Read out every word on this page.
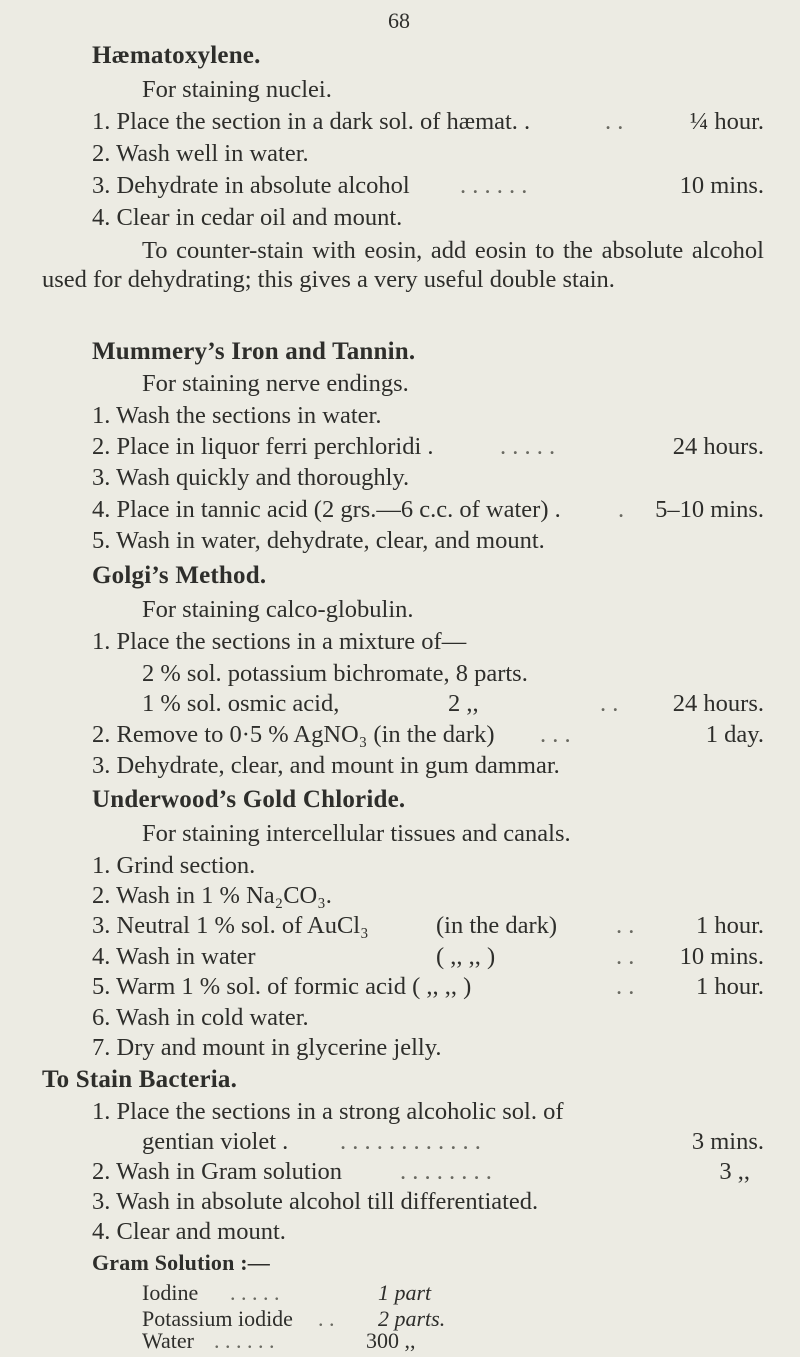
68
Hæmatoxylene.
For staining nuclei.
1. Place the section in a dark sol. of hæmat. .	. .	¼ hour.
2. Wash well in water.
3. Dehydrate in absolute alcohol . . . . . .	10 mins.
4. Clear in cedar oil and mount.
To counter-stain with eosin, add eosin to the absolute alcohol used for dehydrating; this gives a very useful double stain.
Mummery’s Iron and Tannin.
For staining nerve endings.
1. Wash the sections in water.
2. Place in liquor ferri perchloridi .	. . . . .	24 hours.
3. Wash quickly and thoroughly.
4. Place in tannic acid (2 grs.—6 c.c. of water) . . 5–10 mins.
5. Wash in water, dehydrate, clear, and mount.
Golgi’s Method.
For staining calco-globulin.
1. Place the sections in a mixture of—
2 % sol. potassium bichromate, 8 parts.
1 % sol. osmic acid,	2 ,,	. . 24 hours.
2. Remove to 0·5 % AgNO₃ (in the dark) . . .	1 day.
3. Dehydrate, clear, and mount in gum dammar.
Underwood’s Gold Chloride.
For staining intercellular tissues and canals.
1. Grind section.
2. Wash in 1 % Na₂CO₃.
3. Neutral 1 % sol. of AuCl₃	(in the dark) . .	1 hour.
4. Wash in water	( ,, ,, )	. . 10 mins.
5. Warm 1 % sol. of formic acid ( ,, ,, )	. .	1 hour.
6. Wash in cold water.
7. Dry and mount in glycerine jelly.
To Stain Bacteria.
1. Place the sections in a strong alcoholic sol. of
gentian violet . . . . . . . . . . . . .	3 mins.
2. Wash in Gram solution . . . . . . . .	3 ,,
3. Wash in absolute alcohol till differentiated.
4. Clear and mount.
Gram Solution :—
Iodine . . . . .	1 part
Potassium iodide . . 2 parts.
Water . . . . . .	300 ,,
